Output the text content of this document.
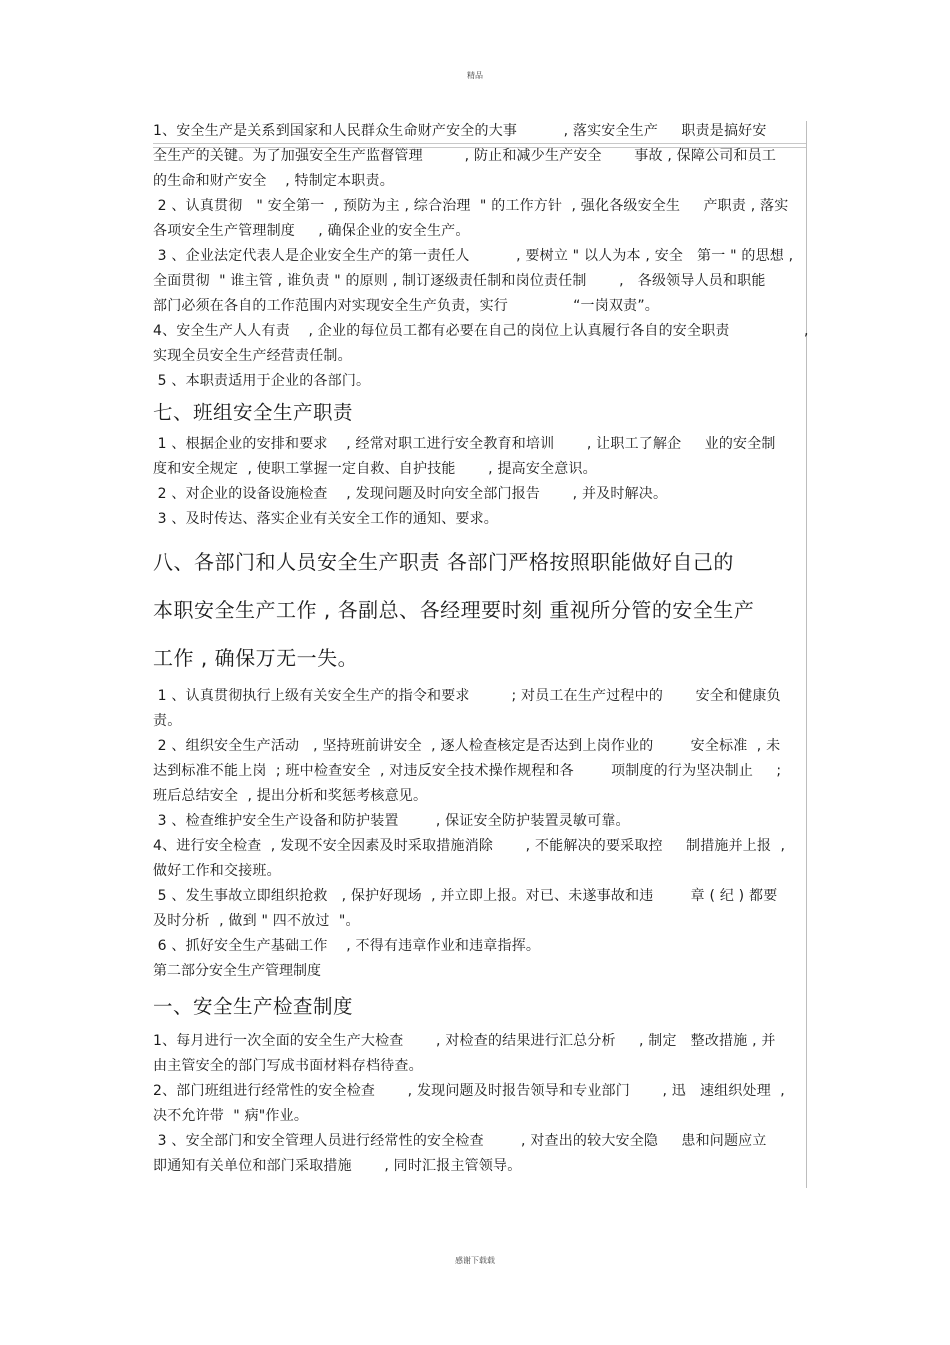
精品

1、安全生产是关系到国家和人民群众生命财产安全的大事          , 落实安全生产     职责是搞好安

全生产的关键。为了加强安全生产监督管理         , 防止和减少生产安全       事故 , 保障公司和员工

的生命和财产安全    , 特制定本职责。

2 、认真贯彻   " 安全第一  , 预防为主 , 综合治理  " 的工作方针  , 强化各级安全生     产职责 , 落实

各项安全生产管理制度     , 确保企业的安全生产。

3 、企业法定代表人是企业安全生产的第一责任人          , 要树立 " 以人为本 , 安全   第一 " 的思想 ,

全面贯彻  " 谁主管 , 谁负责 " 的原则 , 制订逐级责任制和岗位责任制       ,   各级领导人员和职能

部门必须在各自的工作范围内对实现安全生产负责，实行              “一岗双责”。

4、安全生产人人有责    , 企业的每位员工都有必要在自己的岗位上认真履行各自的安全职责                ,

实现全员安全生产经营责任制。

5 、本职责适用于企业的各部门。

七、班组安全生产职责

1 、根据企业的安排和要求    , 经常对职工进行安全教育和培训       , 让职工了解企     业的安全制

度和安全规定  , 使职工掌握一定自救、自护技能       , 提高安全意识。

2 、对企业的设备设施检查    , 发现问题及时向安全部门报告       , 并及时解决。

3 、及时传达、落实企业有关安全工作的通知、要求。

八、各部门和人员安全生产职责 各部门严格按照职能做好自己的

本职安全生产工作 , 各副总、各经理要时刻 重视所分管的安全生产

工作 , 确保万无一失。

1 、认真贯彻执行上级有关安全生产的指令和要求         ; 对员工在生产过程中的       安全和健康负

责。

2 、组织安全生产活动   , 坚持班前讲安全  , 逐人检查核定是否达到上岗作业的        安全标准  , 未

达到标准不能上岗  ; 班中检查安全  , 对违反安全技术操作规程和各        项制度的行为坚决制止     ;

班后总结安全  , 提出分析和奖惩考核意见。

3 、检查维护安全生产设备和防护装置        , 保证安全防护装置灵敏可靠。

4、进行安全检查  , 发现不安全因素及时采取措施消除       , 不能解决的要采取控     制措施并上报  ,

做好工作和交接班。

5 、发生事故立即组织抢救   , 保护好现场  , 并立即上报。对已、未遂事故和违        章 ( 纪 ) 都要

及时分析  , 做到 " 四不放过  "。

6 、抓好安全生产基础工作    , 不得有违章作业和违章指挥。

第二部分安全生产管理制度

一、安全生产检查制度

1、每月进行一次全面的安全生产大检查       , 对检查的结果进行汇总分析     , 制定   整改措施 , 并

由主管安全的部门写成书面材料存档待查。

2、部门班组进行经常性的安全检查       , 发现问题及时报告领导和专业部门       , 迅   速组织处理  ,

决不允许带  " 病"作业。

3 、安全部门和安全管理人员进行经常性的安全检查        , 对查出的较大安全隐     患和问题应立

即通知有关单位和部门采取措施       , 同时汇报主管领导。

感谢下载载
